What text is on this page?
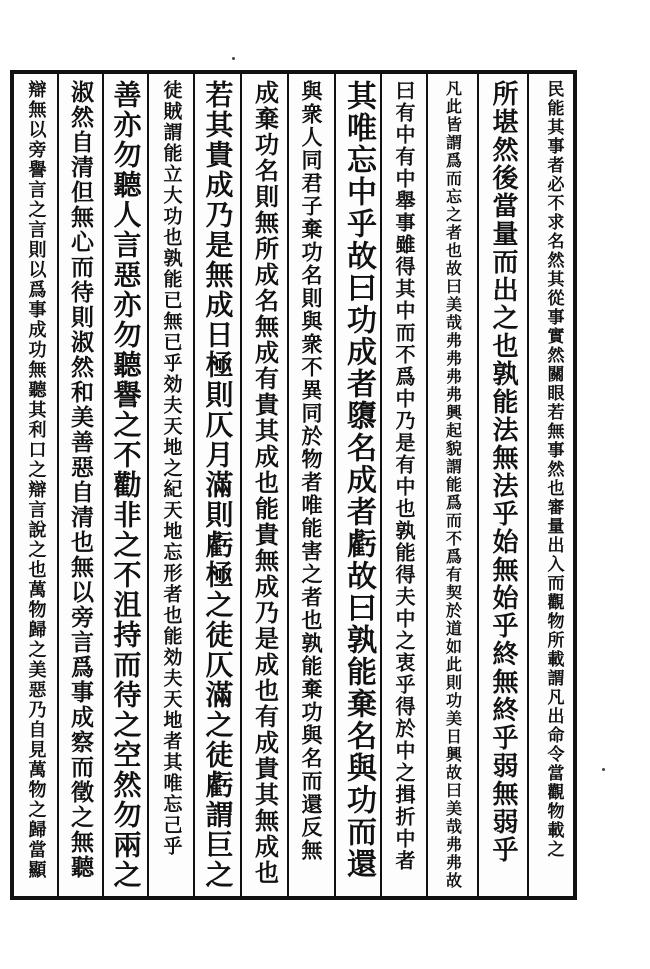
民能其事者必不求名然其從事實然關眼若無事然也審量出入而觀物所載謂凡出命令當觀物載之
所堪然後當量而出之也孰能法無法乎始無始乎終無終乎弱無弱乎
凡此皆謂爲而忘之者也故曰美哉弗弗弗弗興起貌謂能爲而不爲有契於道如此則功美日興故曰美哉弗弗故
曰有中有中舉事雖得其中而不爲中乃是有中也孰能得夫中之衷乎得於中之揖折中者
其唯忘中乎故曰功成者隳名成者虧故曰孰能棄名與功而還
與衆人同君子棄功名則與衆不異同於物者唯能害之者也孰能棄功與名而還反無
成棄功名則無所成名無成有貴其成也能貴無成乃是成也有成貴其無成也
若其貴成乃是無成日極則仄月滿則虧極之徒仄滿之徒虧謂巨之
徒賊謂能立大功也孰能已無已乎効夫天地之紀天地忘形者也能効夫天地者其唯忘己乎
善亦勿聽人言惡亦勿聽譽之不勸非之不沮持而待之空然勿兩之
淑然自清但無心而待則淑然和美善惡自清也無以旁言爲事成察而徵之無聽
辯無以旁譽言之言則以爲事成功無聽其利口之辯言說之也萬物歸之美惡乃自見萬物之歸當顯
